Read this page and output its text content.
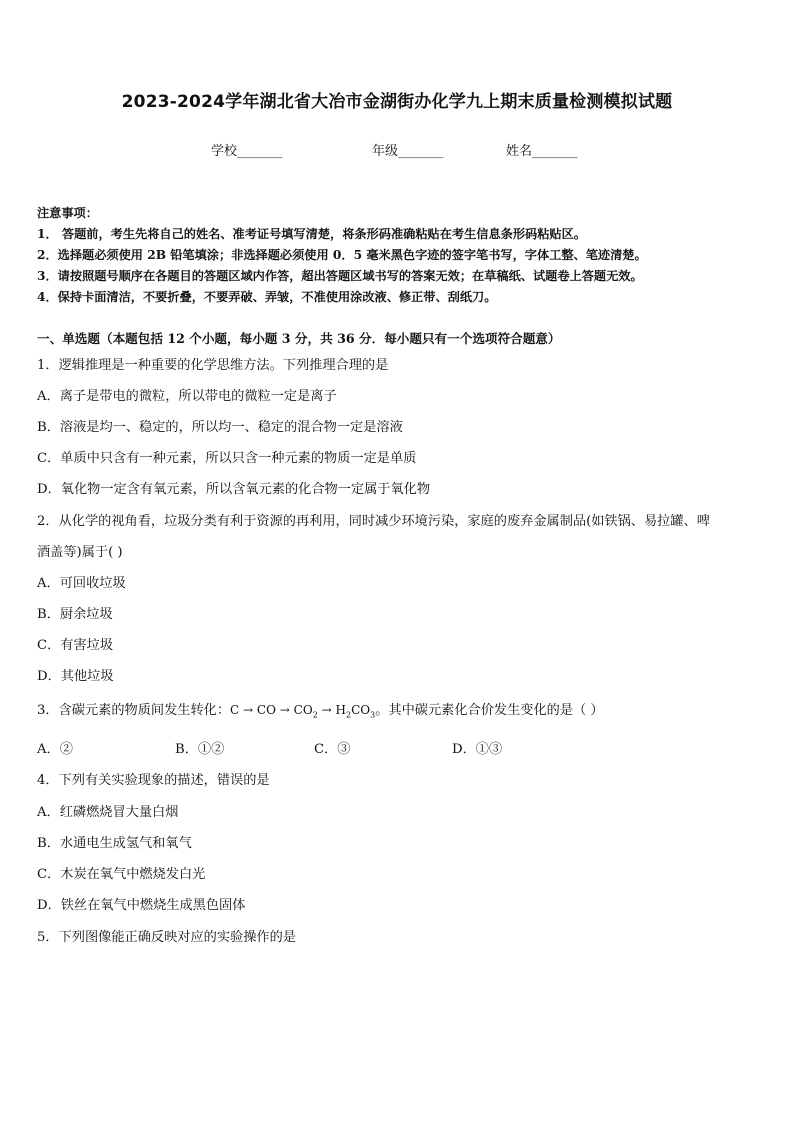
2023-2024学年湖北省大冶市金湖街办化学九上期末质量检测模拟试题
学校_______	年级_______	姓名_______
注意事项：
1． 答题前，考生先将自己的姓名、准考证号填写清楚，将条形码准确粘贴在考生信息条形码粘贴区。
2．选择题必须使用 2B 铅笔填涂；非选择题必须使用 0．5 毫米黑色字迹的签字笔书写，字体工整、笔迹清楚。
3．请按照题号顺序在各题目的答题区域内作答，超出答题区域书写的答案无效；在草稿纸、试题卷上答题无效。
4．保持卡面清洁，不要折叠，不要弄破、弄皱，不准使用涂改液、修正带、刮纸刀。
一、单选题（本题包括 12 个小题，每小题 3 分，共 36 分．每小题只有一个选项符合题意）
1．逻辑推理是一种重要的化学思维方法。下列推理合理的是
A．离子是带电的微粒，所以带电的微粒一定是离子
B．溶液是均一、稳定的，所以均一、稳定的混合物一定是溶液
C．单质中只含有一种元素，所以只含一种元素的物质一定是单质
D．氧化物一定含有氧元素，所以含氧元素的化合物一定属于氧化物
2．从化学的视角看，垃圾分类有利于资源的再利用，同时减少环境污染，家庭的废弃金属制品(如铁锅、易拉罐、啤
酒盖等)属于( )
A．可回收垃圾
B．厨余垃圾
C．有害垃圾
D．其他垃圾
3．含碳元素的物质间发生转化：C → CO → $CO_2 \to H_2CO_3$。其中碳元素化合价发生变化的是（ ）
A．②	B．①②	C．③	D．①③
4．下列有关实验现象的描述，错误的是
A．红磷燃烧冒大量白烟
B．水通电生成氢气和氧气
C．木炭在氧气中燃烧发白光
D．铁丝在氧气中燃烧生成黑色固体
5．下列图像能正确反映对应的实验操作的是
